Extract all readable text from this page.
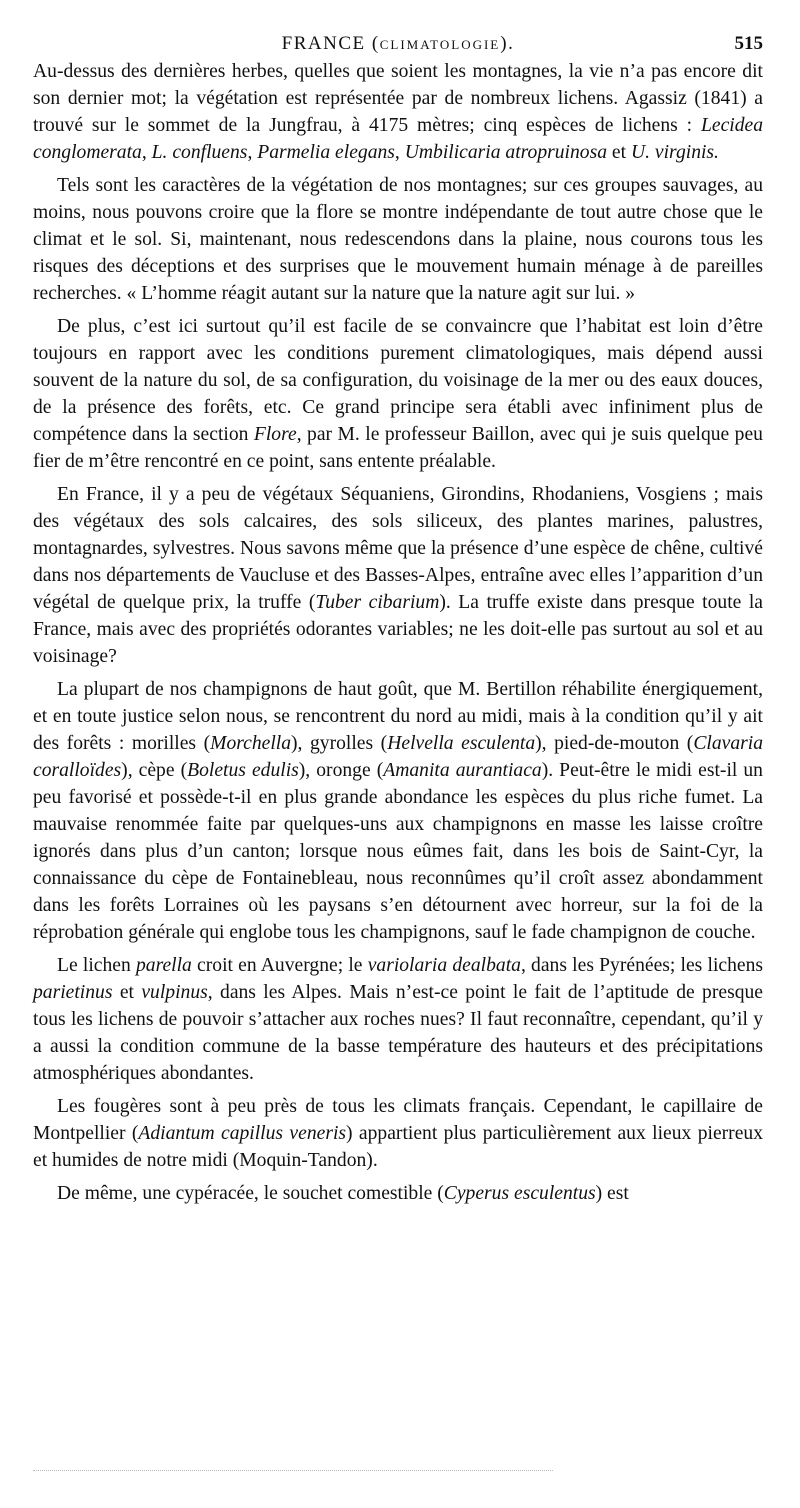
FRANCE (CLIMATOLOGIE).	515

Au-dessus des dernières herbes, quelles que soient les montagnes, la vie n’a pas encore dit son dernier mot; la végétation est représentée par de nombreux lichens. Agassiz (1841) a trouvé sur le sommet de la Jungfrau, à 4175 mètres; cinq espèces de lichens : Lecidea conglomerata, L. confluens, Parmelia elegans, Umbilicaria atropruinosa et U. virginis.

Tels sont les caractères de la végétation de nos montagnes; sur ces groupes sauvages, au moins, nous pouvons croire que la flore se montre indépendante de tout autre chose que le climat et le sol. Si, maintenant, nous redescendons dans la plaine, nous courons tous les risques des déceptions et des surprises que le mouvement humain ménage à de pareilles recherches. « L’homme réagit autant sur la nature que la nature agit sur lui. »

De plus, c’est ici surtout qu’il est facile de se convaincre que l’habitat est loin d’être toujours en rapport avec les conditions purement climatologiques, mais dépend aussi souvent de la nature du sol, de sa configuration, du voisinage de la mer ou des eaux douces, de la présence des forêts, etc. Ce grand principe sera établi avec infiniment plus de compétence dans la section Flore, par M. le professeur Baillon, avec qui je suis quelque peu fier de m’être rencontré en ce point, sans entente préalable.

En France, il y a peu de végétaux Séquaniens, Girondins, Rhodaniens, Vosgiens ; mais des végétaux des sols calcaires, des sols siliceux, des plantes marines, palustres, montagnardes, sylvestres. Nous savons même que la présence d’une espèce de chêne, cultivé dans nos départements de Vaucluse et des Basses-Alpes, entraîne avec elles l’apparition d’un végétal de quelque prix, la truffe (Tuber cibarium). La truffe existe dans presque toute la France, mais avec des propriétés odorantes variables; ne les doit-elle pas surtout au sol et au voisinage?

La plupart de nos champignons de haut goût, que M. Bertillon réhabilite énergiquement, et en toute justice selon nous, se rencontrent du nord au midi, mais à la condition qu’il y ait des forêts : morilles (Morchella), gyrolles (Helvella esculenta), pied-de-mouton (Clavaria coralloïdes), cèpe (Boletus edulis), oronge (Amanita aurantiaca). Peut-être le midi est-il un peu favorisé et possède-t-il en plus grande abondance les espèces du plus riche fumet. La mauvaise renommée faite par quelques-uns aux champignons en masse les laisse croître ignorés dans plus d’un canton; lorsque nous eûmes fait, dans les bois de Saint-Cyr, la connaissance du cèpe de Fontainebleau, nous reconnûmes qu’il croît assez abondamment dans les forêts Lorraines où les paysans s’en détournent avec horreur, sur la foi de la réprobation générale qui englobe tous les champignons, sauf le fade champignon de couche.

Le lichen parella croit en Auvergne; le variolaria dealbata, dans les Pyrénées; les lichens parietinus et vulpinus, dans les Alpes. Mais n’est-ce point le fait de l’aptitude de presque tous les lichens de pouvoir s’attacher aux roches nues? Il faut reconnaître, cependant, qu’il y a aussi la condition commune de la basse température des hauteurs et des précipitations atmosphériques abondantes.

Les fougères sont à peu près de tous les climats français. Cependant, le capillaire de Montpellier (Adiantum capillus veneris) appartient plus particulièrement aux lieux pierreux et humides de notre midi (Moquin-Tandon).

De même, une cypéracée, le souchet comestible (Cyperus esculentus) est
